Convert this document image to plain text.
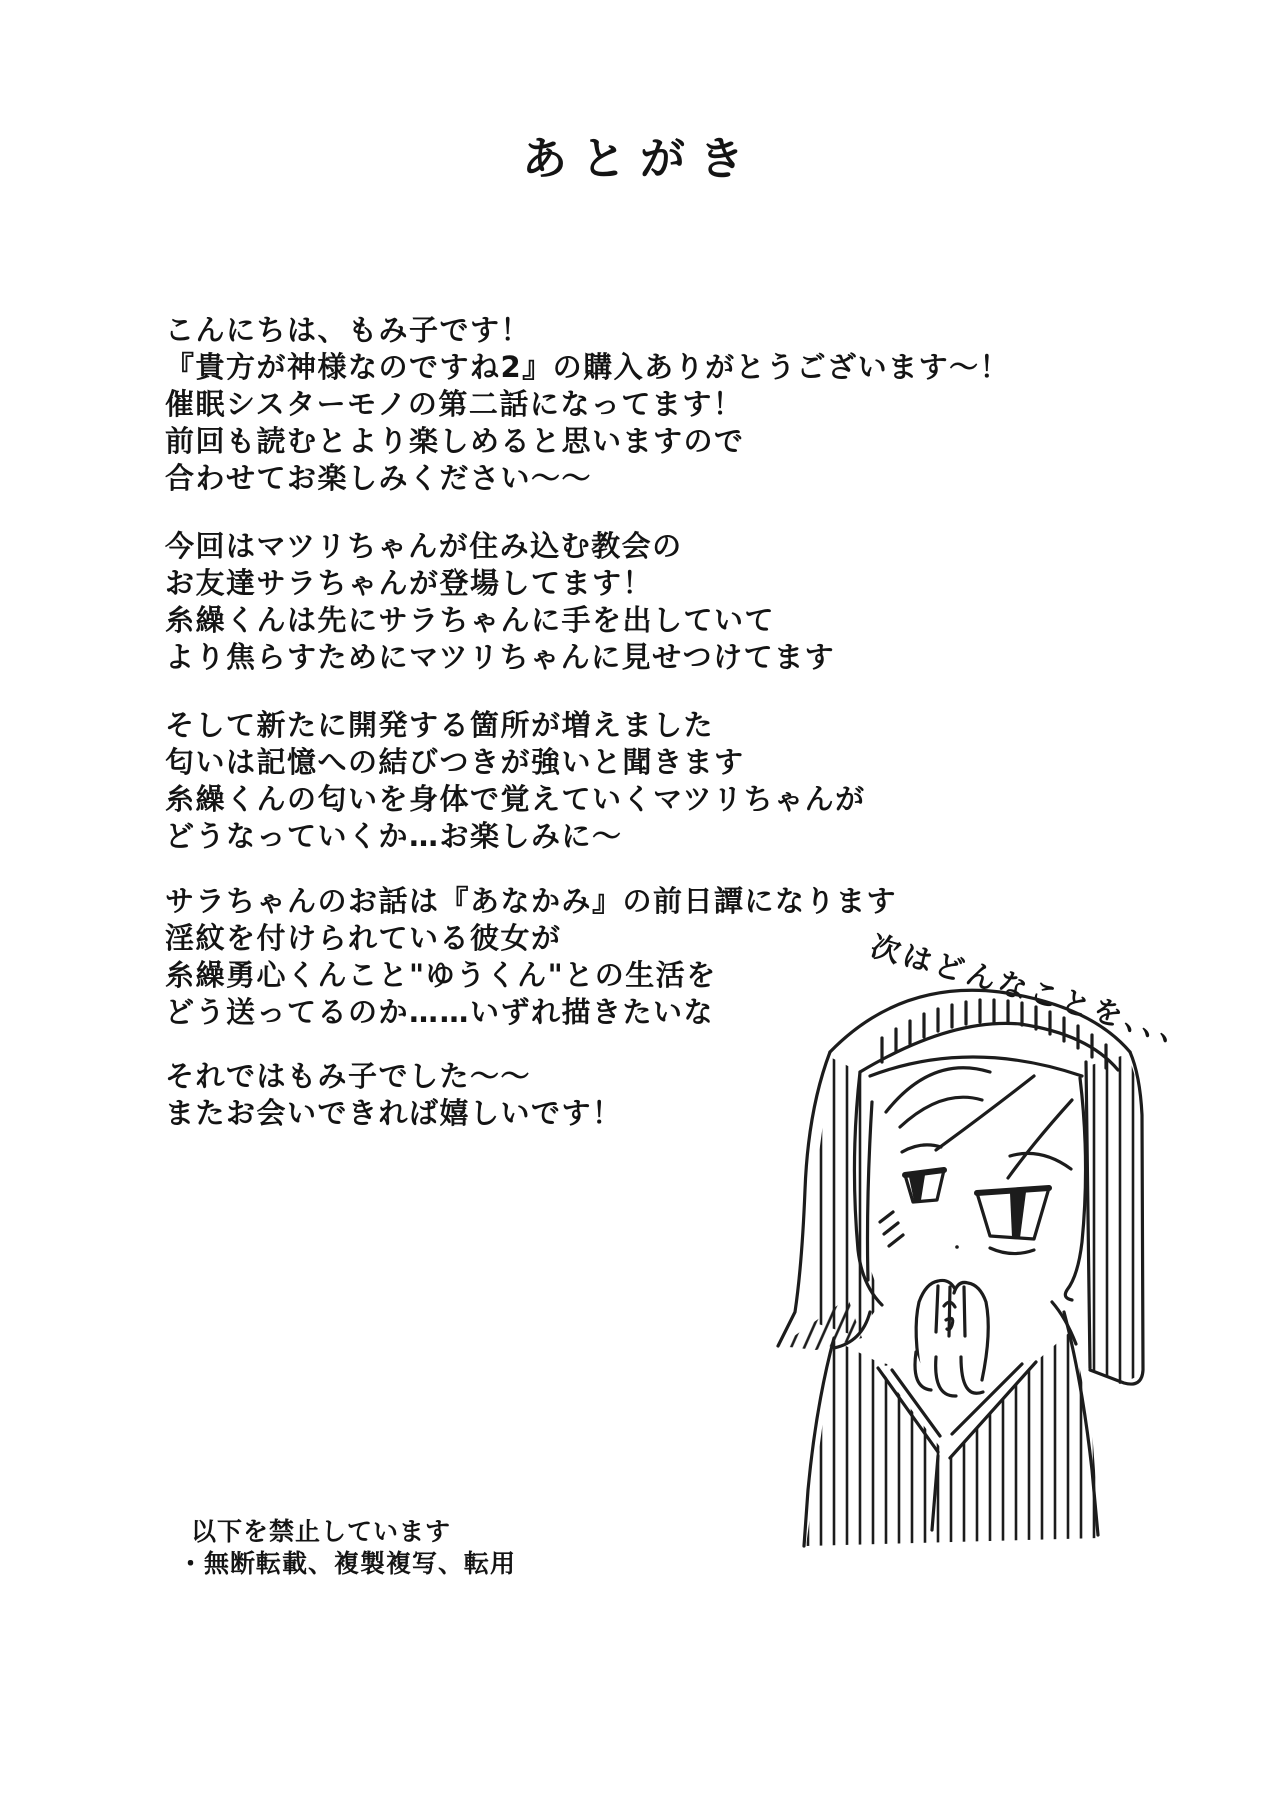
あとがき
こんにちは、もみ子です！
『貴方が神様なのですね2』の購入ありがとうございます〜！
催眠シスターモノの第二話になってます！
前回も読むとより楽しめると思いますので
合わせてお楽しみください〜〜
今回はマツリちゃんが住み込む教会の
お友達サラちゃんが登場してます！
糸繰くんは先にサラちゃんに手を出していて
より焦らすためにマツリちゃんに見せつけてます
そして新たに開発する箇所が増えました
匂いは記憶への結びつきが強いと聞きます
糸繰くんの匂いを身体で覚えていくマツリちゃんが
どうなっていくか…お楽しみに〜
サラちゃんのお話は『あなかみ』の前日譚になります
淫紋を付けられている彼女が
糸繰勇心くんこと"ゆうくん"との生活を
どう送ってるのか……いずれ描きたいな
それではもみ子でした〜〜
またお会いできれば嬉しいです！
次はどんなことを、、、
以下を禁止しています
・無断転載、複製複写、転用
